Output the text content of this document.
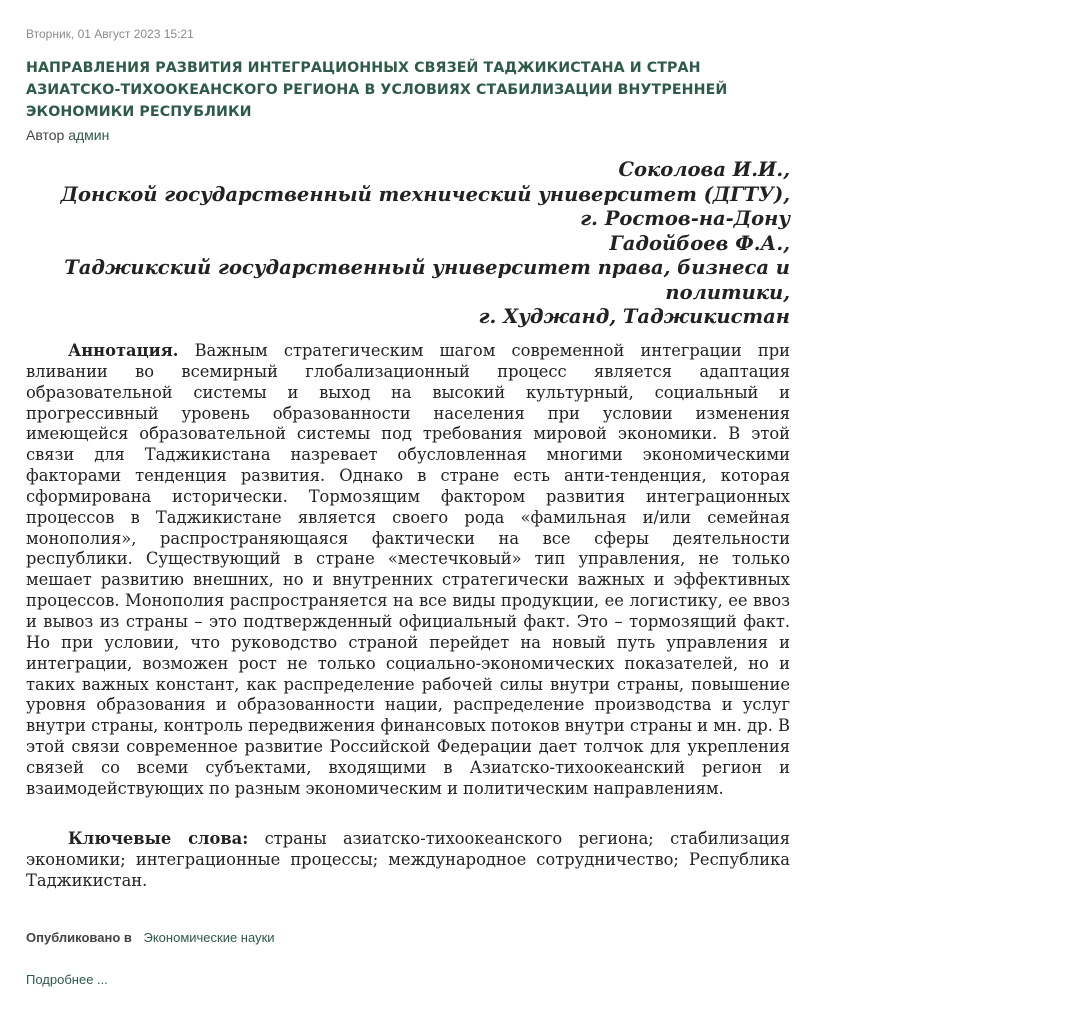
Вторник, 01 Август 2023 15:21
НАПРАВЛЕНИЯ РАЗВИТИЯ ИНТЕГРАЦИОННЫХ СВЯЗЕЙ ТАДЖИКИСТАНА И СТРАН АЗИАТСКО-ТИХООКЕАНСКОГО РЕГИОНА В УСЛОВИЯХ СТАБИЛИЗАЦИИ ВНУТРЕННЕЙ ЭКОНОМИКИ РЕСПУБЛИКИ
Автор админ
Соколова И.И.,
Донской государственный технический университет (ДГТУ),
г. Ростов-на-Дону
Гадойбоев Ф.А.,
Таджикский государственный университет права, бизнеса и политики,
г. Худжанд, Таджикистан

Аннотация. Важным стратегическим шагом современной интеграции при вливании во всемирный глобализационный процесс является адаптация образовательной системы и выход на высокий культурный, социальный и прогрессивный уровень образованности населения при условии изменения имеющейся образовательной системы под требования мировой экономики. В этой связи для Таджикистана назревает обусловленная многими экономическими факторами тенденция развития. Однако в стране есть анти-тенденция, которая сформирована исторически. Тормозящим фактором развития интеграционных процессов в Таджикистане является своего рода «фамильная и/или семейная монополия», распространяющаяся фактически на все сферы деятельности республики. Существующий в стране «местечковый» тип управления, не только мешает развитию внешних, но и внутренних стратегически важных и эффективных процессов. Монополия распространяется на все виды продукции, ее логистику, ее ввоз и вывоз из страны – это подтвержденный официальный факт. Это – тормозящий факт. Но при условии, что руководство страной перейдет на новый путь управления и интеграции, возможен рост не только социально-экономических показателей, но и таких важных констант, как распределение рабочей силы внутри страны, повышение уровня образования и образованности нации, распределение производства и услуг внутри страны, контроль передвижения финансовых потоков внутри страны и мн. др. В этой связи современное развитие Российской Федерации дает толчок для укрепления связей со всеми субъектами, входящими в Азиатско-тихоокеанский регион и взаимодействующих по разным экономическим и политическим направлениям.

Ключевые слова: страны азиатско-тихоокеанского региона; стабилизация экономики; интеграционные процессы; международное сотрудничество; Республика Таджикистан.

Опубликовано в Экономические науки
Подробнее ...
